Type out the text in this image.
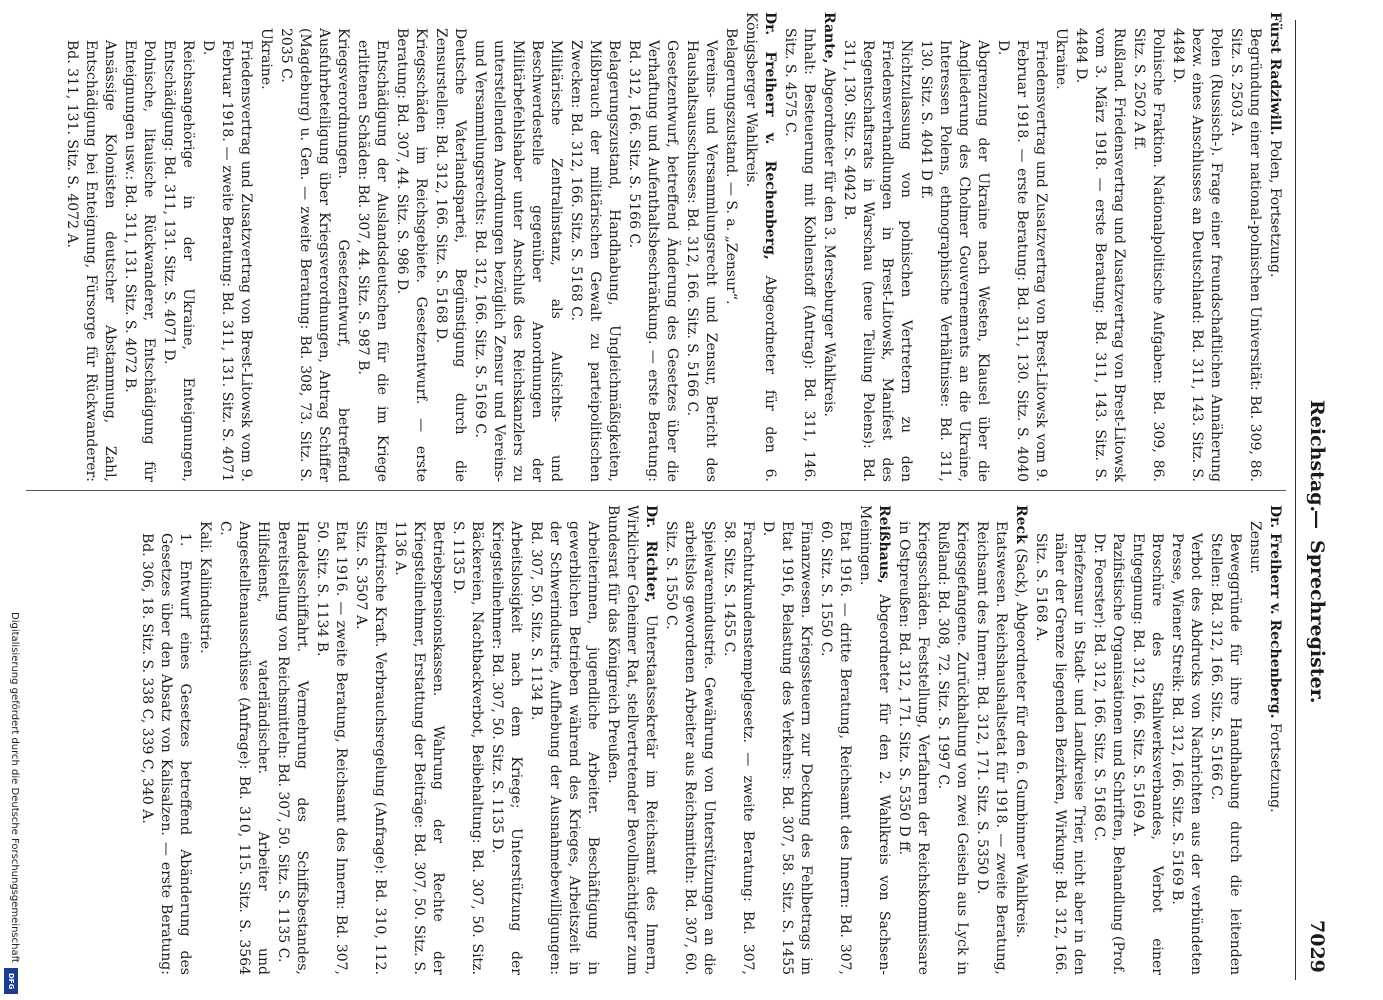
Reichstag.
—
Sprechregister.
7029

Fürst Radziwill. Polen, Fortsetzung.

Begründung einer national-polnischen Universität: Bd. 309, 86. Sitz. S. 2503 A.

Polen (Russisch-). Frage einer freundschaftlichen Annäherung bezw. eines Anschlusses an Deutschland: Bd. 311, 143. Sitz. S. 4484 D.

Polnische Fraktion. Nationalpolitische Aufgaben: Bd. 309, 86. Sitz. S. 2502 A ff.

Rußland. Friedensvertrag und Zusatzvertrag von Brest-Litowsk vom 3. März 1918. — erste Beratung: Bd. 311, 143. Sitz. S. 4484 D.

Ukraine.

Friedensvertrag und Zusatzvertrag von Brest-Litowsk vom 9. Februar 1918. — erste Beratung: Bd. 311, 130. Sitz. S. 4040 D.

Abgrenzung der Ukraine nach Westen, Klausel über die Angliederung des Cholmer Gouvernements an die Ukraine, Interessen Polens, ethnographische Verhältnisse: Bd. 311, 130. Sitz. S. 4041 D ff.

Nichtzulassung von polnischen Vertretern zu den Friedensverhandlungen in Brest-Litowsk, Manifest des Regentschaftsrats in Warschau (neue Teilung Polens): Bd. 311, 130. Sitz. S. 4042 B.

Rante, Abgeordneter für den 3. Merseburger Wahlkreis.

Inhalt: Besteuerung mit Kohlenstoff (Antrag): Bd. 311, 146. Sitz. S. 4575 C.

Dr. Freiherr v. Rechenberg, Abgeordneter für den 6. Königsberger Wahlkreis.

Belagerungszustand. — S. a. „Zensur“.

Vereins- und Versammlungsrecht und Zensur, Bericht des Haushaltsausschusses: Bd. 312, 166. Sitz. S. 5166 C.

Gesetzentwurf, betreffend Änderung des Gesetzes über die Verhaftung und Aufenthaltsbeschränkung. — erste Beratung: Bd. 312, 166. Sitz. S. 5166 C.

Belagerungszustand, Handhabung, Ungleichmäßigkeiten, Mißbrauch der militärischen Gewalt zu parteipolitischen Zwecken: Bd. 312, 166. Sitz. S. 5168 C.

Militärische Zentralinstanz, als Aufsichts- und Beschwerdestelle gegenüber Anordnungen der Militärbefehlshaber unter Anschluß des Reichskanzlers zu unterstellenden Anordnungen bezüglich Zensur und Vereins- und Versammlungsrechts: Bd. 312, 166. Sitz. S. 5169 C.

Deutsche Vaterlandspartei, Begünstigung durch die Zensurstellen: Bd. 312, 166. Sitz. S. 5168 D.

Kriegsschäden im Reichsgebiete. Gesetzentwurf. — erste Beratung: Bd. 307, 44. Sitz. S. 986 D.

Entschädigung der Auslandsdeutschen für die im Kriege erlittenen Schäden: Bd. 307, 44. Sitz. S. 987 B.

Kriegsverordnungen. Gesetzentwurf, betreffend Ausfuhrbeteiligung über Kriegsverordnungen, Antrag Schiffer (Magdeburg) u. Gen. — zweite Beratung: Bd. 308, 73. Sitz. S. 2035 C.

Ukraine.

Friedensvertrag und Zusatzvertrag von Brest-Litowsk vom 9. Februar 1918. — zweite Beratung: Bd. 311, 131. Sitz. S. 4071 D.

Reichsangehörige in der Ukraine, Enteignungen, Entschädigung: Bd. 311, 131. Sitz. S. 4071 D.

Polnische, litauische Rückwanderer, Entschädigung für Enteignungen usw.: Bd. 311, 131. Sitz. S. 4072 B.

Ansässige Kolonisten deutscher Abstammung, Zahl, Entschädigung bei Enteignung, Fürsorge für Rückwanderer: Bd. 311, 131. Sitz. S. 4072 A.

Dr. Freiherr v. Rechenberg. Fortsetzung.

Zensur.

Beweggründe für ihre Handhabung durch die leitenden Stellen: Bd. 312, 166. Sitz. S. 5166 C.

Verbot des Abdrucks von Nachrichten aus der verbündeten Presse, Wiener Streik: Bd. 312, 166. Sitz. S. 5169 B.

Broschüre des Stahlwerksverbandes, Verbot einer Entgegnung: Bd. 312, 166. Sitz. S. 5169 A.

Pazifistische Organisationen und Schriften, Behandlung (Prof. Dr. Foerster): Bd. 312, 166. Sitz. S. 5168 C.

Briefzensur in Stadt- und Landkreise Trier, nicht aber in den näher der Grenze liegenden Bezirken, Wirkung: Bd. 312, 166. Sitz. S. 5168 A.

Reck (Sack), Abgeordneter für den 6. Gumbinner Wahlkreis.

Etatswesen. Reichshaushaltsetat für 1918. — zweite Beratung, Reichsamt des Innern: Bd. 312, 171. Sitz. S. 5350 D.

Kriegsgefangene. Zurückhaltung von zwei Geiseln aus Lyck in Rußland: Bd. 308, 72. Sitz. S. 1997 C.

Kriegsschäden. Feststellung, Verfahren der Reichskommissare in Ostpreußen: Bd. 312, 171. Sitz. S. 5350 D ff.

Reißhaus, Abgeordneter für den 2. Wahlkreis von Sachsen-Meiningen.

Etat 1916. — dritte Beratung, Reichsamt des Innern: Bd. 307, 60. Sitz. S. 1550 C.

Finanzwesen. Kriegssteuern zur Deckung des Fehlbetrags im Etat 1916, Belastung des Verkehrs: Bd. 307, 58. Sitz. S. 1455 D.

Frachturkundenstempelgesetz. — zweite Beratung: Bd. 307, 58. Sitz. S. 1455 C.

Spielwarenindustrie. Gewährung von Unterstützungen an die arbeitslos gewordenen Arbeiter aus Reichsmitteln: Bd. 307, 60. Sitz. S. 1550 C.

Dr. Richter, Unterstaatssekretär im Reichsamt des Innern, Wirklicher Geheimer Rat, stellvertretender Bevollmächtigter zum Bundesrat für das Königreich Preußen.

Arbeiterinnen, jugendliche Arbeiter. Beschäftigung in gewerblichen Betrieben während des Krieges, Arbeitszeit in der Schwerindustrie, Aufhebung der Ausnahmebewilligungen: Bd. 307, 50. Sitz. S. 1134 B.

Arbeitslosigkeit nach dem Kriege; Unterstützung der Kriegsteilnehmer: Bd. 307, 50. Sitz. S. 1135 D.

Bäckereien, Nachtbackverbot, Beibehaltung: Bd. 307, 50. Sitz. S. 1135 D.

Betriebspensionskassen. Wahrung der Rechte der Kriegsteilnehmer, Erstattung der Beiträge: Bd. 307, 50. Sitz. S. 1136 A.

Elektrische Kraft. Verbrauchsregelung (Anfrage): Bd. 310, 112. Sitz. S. 3507 A.

Etat 1916. — zweite Beratung, Reichsamt des Innern: Bd. 307, 50. Sitz. S. 1134 B.

Handelsschiffahrt. Vermehrung des Schiffsbestandes, Bereitstellung von Reichsmitteln: Bd. 307, 50. Sitz. S. 1135 C.

Hilfsdienst, vaterländischer. Arbeiter und Angestelltenausschüsse (Anfrage): Bd. 310, 115. Sitz. S. 3564 C.

Kali. Kaliindustrie.

1. Entwurf eines Gesetzes betreffend Abänderung des Gesetzes über den Absatz von Kalisalzen. — erste Beratung: Bd. 306, 18. Sitz. S. 338 C, 339 C, 340 A.

Digitalisierung gefördert durch die Deutsche Forschungsgemeinschaft
DFG
